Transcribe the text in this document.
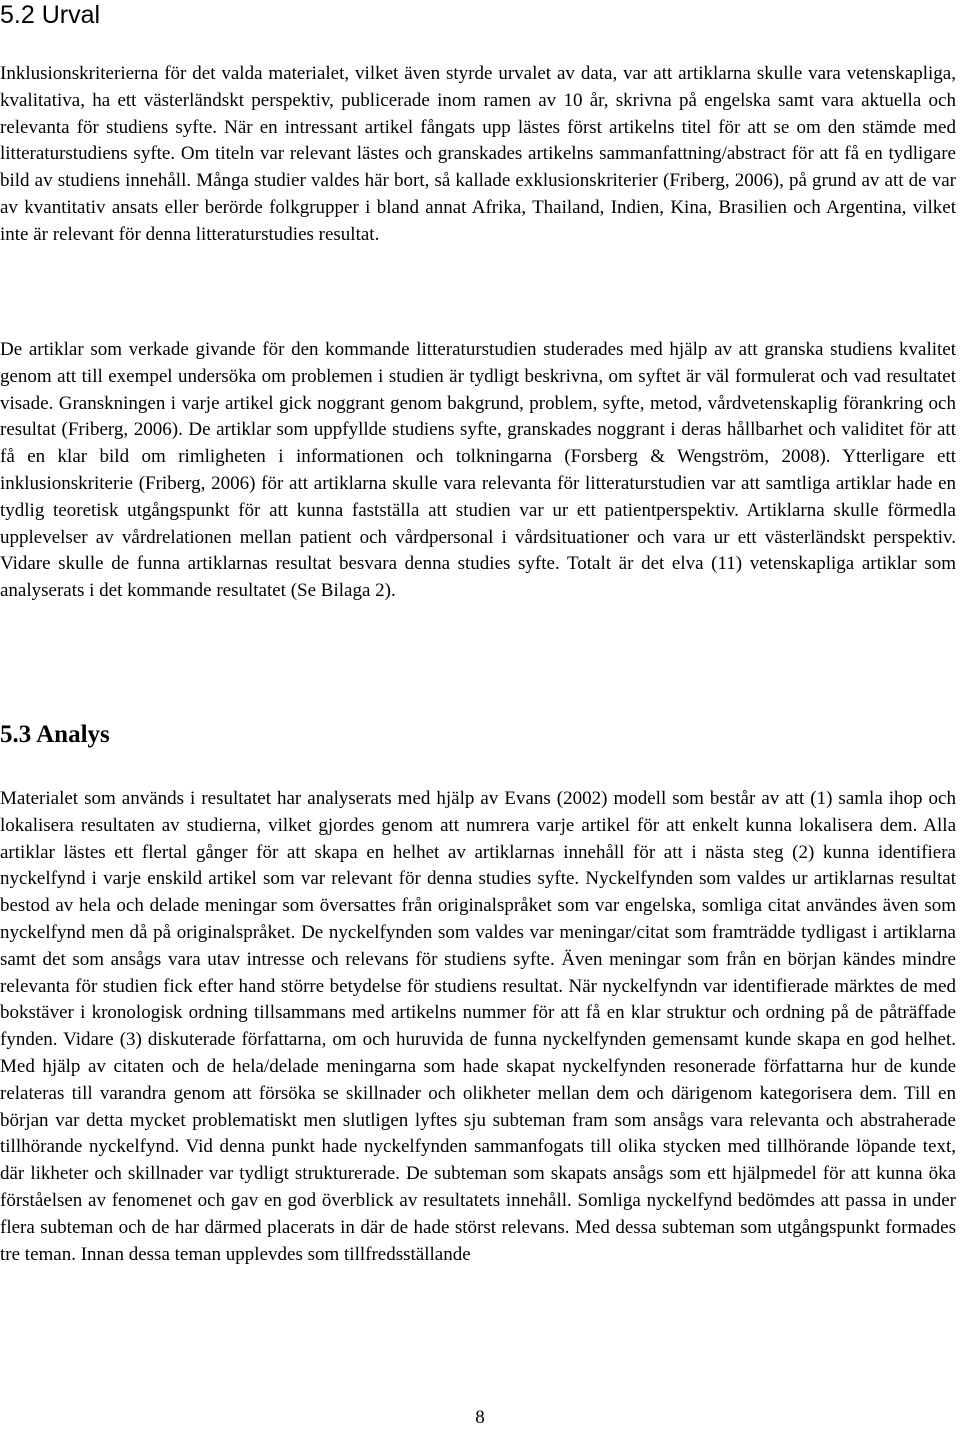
5.2 Urval

Inklusionskriterierna för det valda materialet, vilket även styrde urvalet av data, var att artiklarna skulle vara vetenskapliga, kvalitativa, ha ett västerländskt perspektiv, publicerade inom ramen av 10 år, skrivna på engelska samt vara aktuella och relevanta för studiens syfte. När en intressant artikel fångats upp lästes först artikelns titel för att se om den stämde med litteraturstudiens syfte. Om titeln var relevant lästes och granskades artikelns sammanfattning/abstract för att få en tydligare bild av studiens innehåll. Många studier valdes här bort, så kallade exklusionskriterier (Friberg, 2006), på grund av att de var av kvantitativ ansats eller berörde folkgrupper i bland annat Afrika, Thailand, Indien, Kina, Brasilien och Argentina, vilket inte är relevant för denna litteraturstudies resultat.

De artiklar som verkade givande för den kommande litteraturstudien studerades med hjälp av att granska studiens kvalitet genom att till exempel undersöka om problemen i studien är tydligt beskrivna, om syftet är väl formulerat och vad resultatet visade. Granskningen i varje artikel gick noggrant genom bakgrund, problem, syfte, metod, vårdvetenskaplig förankring och resultat (Friberg, 2006). De artiklar som uppfyllde studiens syfte, granskades noggrant i deras hållbarhet och validitet för att få en klar bild om rimligheten i informationen och tolkningarna (Forsberg & Wengström, 2008). Ytterligare ett inklusionskriterie (Friberg, 2006) för att artiklarna skulle vara relevanta för litteraturstudien var att samtliga artiklar hade en tydlig teoretisk utgångspunkt för att kunna fastställa att studien var ur ett patientperspektiv. Artiklarna skulle förmedla upplevelser av vårdrelationen mellan patient och vårdpersonal i vårdsituationer och vara ur ett västerländskt perspektiv. Vidare skulle de funna artiklarnas resultat besvara denna studies syfte. Totalt är det elva (11) vetenskapliga artiklar som analyserats i det kommande resultatet (Se Bilaga 2).

5.3 Analys

Materialet som används i resultatet har analyserats med hjälp av Evans (2002) modell som består av att (1) samla ihop och lokalisera resultaten av studierna, vilket gjordes genom att numrera varje artikel för att enkelt kunna lokalisera dem. Alla artiklar lästes ett flertal gånger för att skapa en helhet av artiklarnas innehåll för att i nästa steg (2) kunna identifiera nyckelfynd i varje enskild artikel som var relevant för denna studies syfte. Nyckelfynden som valdes ur artiklarnas resultat bestod av hela och delade meningar som översattes från originalspråket som var engelska, somliga citat användes även som nyckelfynd men då på originalspråket. De nyckelfynden som valdes var meningar/citat som framträdde tydligast i artiklarna samt det som ansågs vara utav intresse och relevans för studiens syfte. Även meningar som från en början kändes mindre relevanta för studien fick efter hand större betydelse för studiens resultat. När nyckelfyndn var identifierade märktes de med bokstäver i kronologisk ordning tillsammans med artikelns nummer för att få en klar struktur och ordning på de påträffade fynden. Vidare (3) diskuterade författarna, om och huruvida de funna nyckelfynden gemensamt kunde skapa en god helhet. Med hjälp av citaten och de hela/delade meningarna som hade skapat nyckelfynden resonerade författarna hur de kunde relateras till varandra genom att försöka se skillnader och olikheter mellan dem och därigenom kategorisera dem. Till en början var detta mycket problematiskt men slutligen lyftes sju subteman fram som ansågs vara relevanta och abstraherade tillhörande nyckelfynd. Vid denna punkt hade nyckelfynden sammanfogats till olika stycken med tillhörande löpande text, där likheter och skillnader var tydligt strukturerade. De subteman som skapats ansågs som ett hjälpmedel för att kunna öka förståelsen av fenomenet och gav en god överblick av resultatets innehåll. Somliga nyckelfynd bedömdes att passa in under flera subteman och de har därmed placerats in där de hade störst relevans. Med dessa subteman som utgångspunkt formades tre teman. Innan dessa teman upplevdes som tillfredsställande

8
